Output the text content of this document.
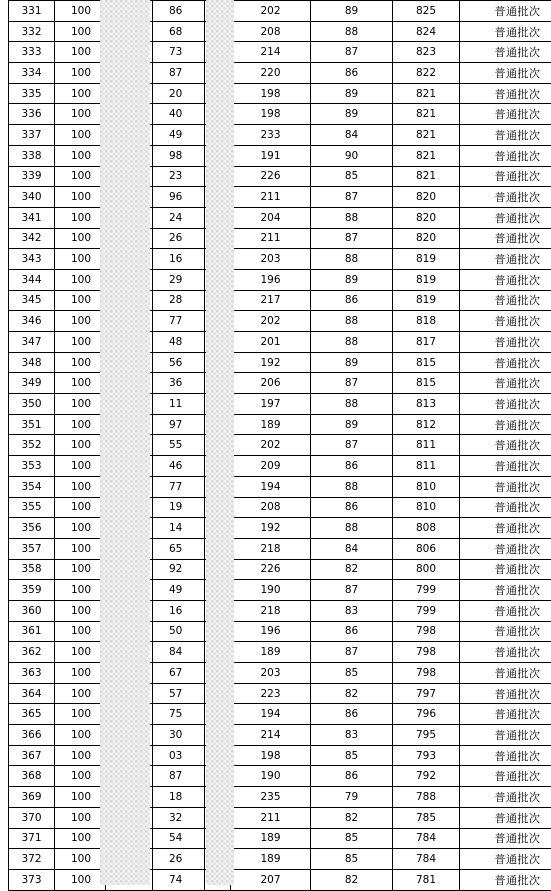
331	100		86		202	89	825	普通批次
332	100		68		208	88	824	普通批次
333	100		73		214	87	823	普通批次
334	100		87		220	86	822	普通批次
335	100		20		198	89	821	普通批次
336	100		40		198	89	821	普通批次
337	100		49		233	84	821	普通批次
338	100		98		191	90	821	普通批次
339	100		23		226	85	821	普通批次
340	100		96		211	87	820	普通批次
341	100		24		204	88	820	普通批次
342	100		26		211	87	820	普通批次
343	100		16		203	88	819	普通批次
344	100		29		196	89	819	普通批次
345	100		28		217	86	819	普通批次
346	100		77		202	88	818	普通批次
347	100		48		201	88	817	普通批次
348	100		56		192	89	815	普通批次
349	100		36		206	87	815	普通批次
350	100		11		197	88	813	普通批次
351	100		97		189	89	812	普通批次
352	100		55		202	87	811	普通批次
353	100		46		209	86	811	普通批次
354	100		77		194	88	810	普通批次
355	100		19		208	86	810	普通批次
356	100		14		192	88	808	普通批次
357	100		65		218	84	806	普通批次
358	100		92		226	82	800	普通批次
359	100		49		190	87	799	普通批次
360	100		16		218	83	799	普通批次
361	100		50		196	86	798	普通批次
362	100		84		189	87	798	普通批次
363	100		67		203	85	798	普通批次
364	100		57		223	82	797	普通批次
365	100		75		194	86	796	普通批次
366	100		30		214	83	795	普通批次
367	100		03		198	85	793	普通批次
368	100		87		190	86	792	普通批次
369	100		18		235	79	788	普通批次
370	100		32		211	82	785	普通批次
371	100		54		189	85	784	普通批次
372	100		26		189	85	784	普通批次
373	100		74		207	82	781	普通批次
